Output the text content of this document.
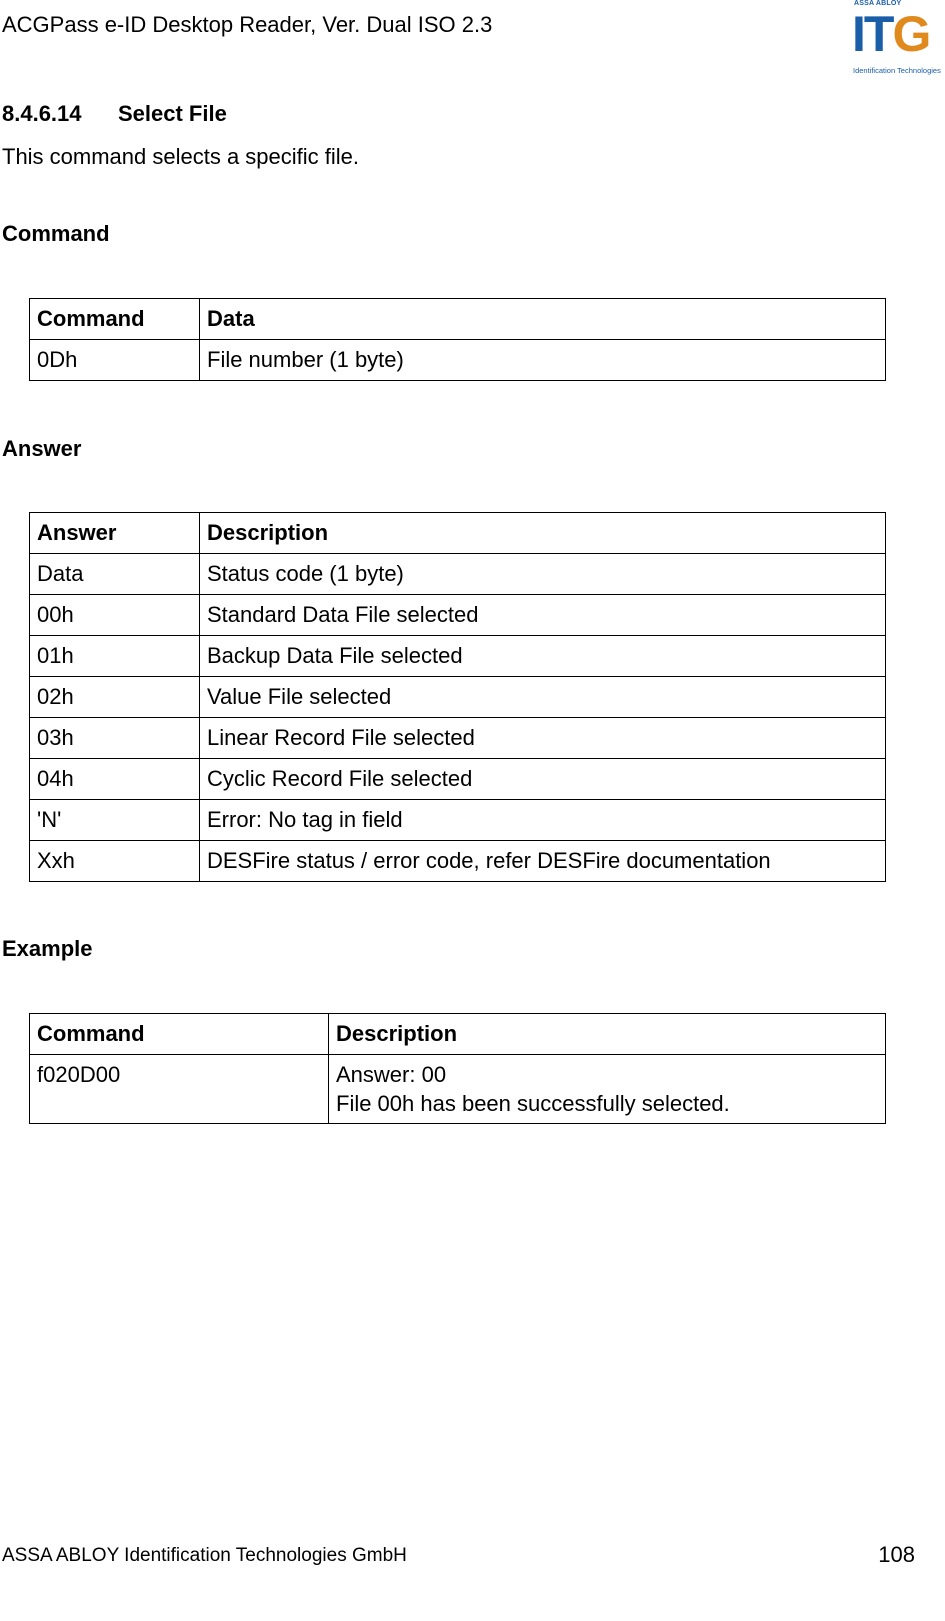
ACGPass e-ID Desktop Reader, Ver. Dual ISO 2.3
ASSA ABLOY
ITG
Identification Technologies
8.4.6.14 Select File
This command selects a specific file.
Command
Command	Data
0Dh	File number (1 byte)
Answer
Answer	Description
Data	Status code (1 byte)
00h	Standard Data File selected
01h	Backup Data File selected
02h	Value File selected
03h	Linear Record File selected
04h	Cyclic Record File selected
'N'	Error: No tag in field
Xxh	DESFire status / error code, refer DESFire documentation
Example
Command	Description
f020D00	Answer: 00
File 00h has been successfully selected.
ASSA ABLOY Identification Technologies GmbH	108
